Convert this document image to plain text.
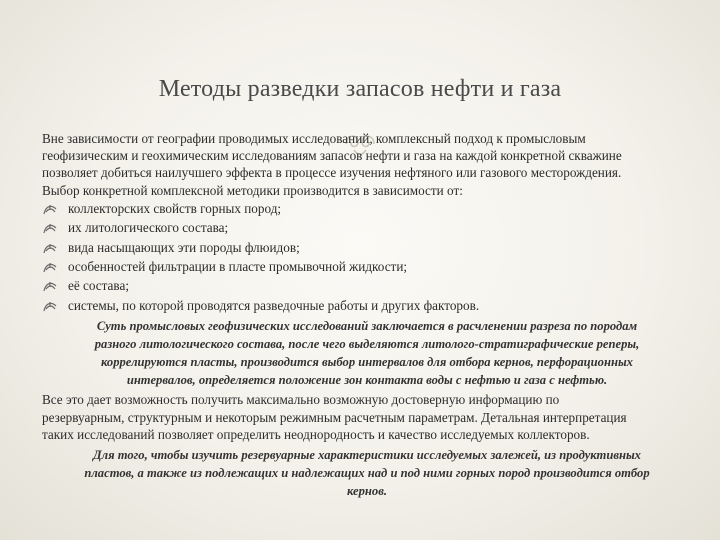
Методы разведки запасов нефти и газа
Вне зависимости от географии проводимых исследований, комплексный подход к промысловым
геофизическим и геохимическим исследованиям запасов нефти и газа на каждой конкретной скважине
позволяет добиться наилучшего эффекта в процессе изучения нефтяного или газового месторождения.
Выбор конкретной комплексной методики производится в зависимости от:
коллекторских свойств горных пород;
их литологического состава;
вида насыщающих эти породы флюидов;
особенностей фильтрации в пласте промывочной жидкости;
её состава;
системы, по которой проводятся разведочные работы и других факторов.
Суть промысловых геофизических исследований заключается в расчленении разреза по породам
разного литологического состава, после чего выделяются литолого-стратиграфические реперы,
коррелируются пласты, производится выбор интервалов для отбора кернов, перфорационных
интервалов, определяется положение зон контакта воды с нефтью и газа с нефтью.
Все это дает возможность получить максимально возможную достоверную информацию по
резервуарным, структурным и некоторым режимным расчетным параметрам. Детальная интерпретация
таких исследований позволяет определить неоднородность и качество исследуемых коллекторов.
Для того, чтобы изучить резервуарные характеристики исследуемых залежей, из продуктивных
пластов, а также из подлежащих и надлежащих над и под ними горных пород производится отбор
кернов.
